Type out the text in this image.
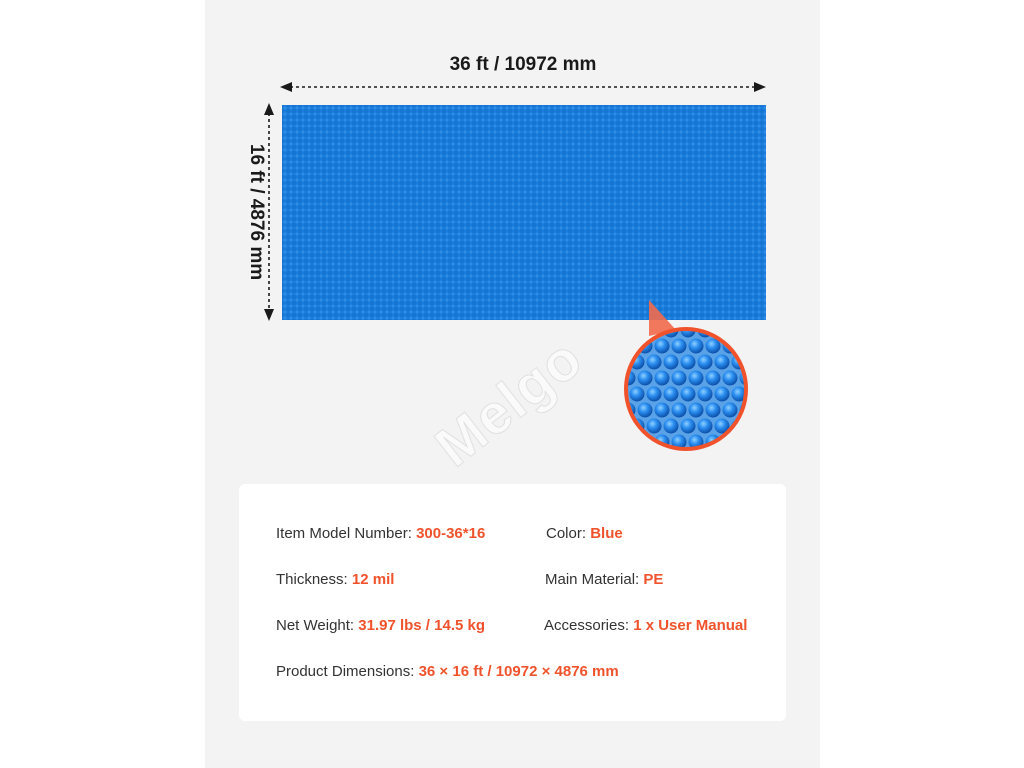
36 ft / 10972 mm
16 ft / 4876 mm
Melgo
Item Model Number: 300-36*16	Color: Blue
Thickness: 12 mil	Main Material: PE
Net Weight: 31.97 lbs / 14.5 kg	Accessories: 1 x User Manual
Product Dimensions: 36 × 16 ft / 10972 × 4876 mm
